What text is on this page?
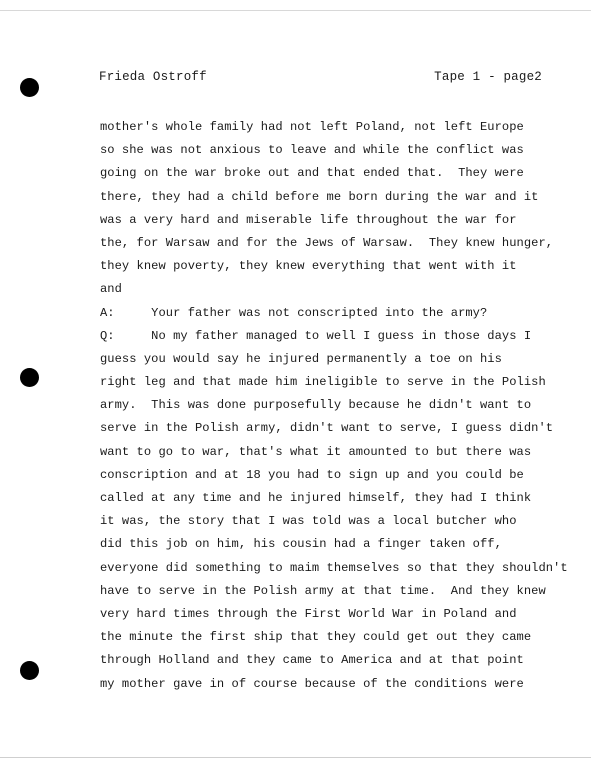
Frieda Ostroff	Tape 1 - page2
mother's whole family had not left Poland, not left Europe
so she was not anxious to leave and while the conflict was
going on the war broke out and that ended that.  They were
there, they had a child before me born during the war and it
was a very hard and miserable life throughout the war for
the, for Warsaw and for the Jews of Warsaw.  They knew hunger,
they knew poverty, they knew everything that went with it
and
A:     Your father was not conscripted into the army?
Q:     No my father managed to well I guess in those days I
guess you would say he injured permanently a toe on his
right leg and that made him ineligible to serve in the Polish
army.  This was done purposefully because he didn't want to
serve in the Polish army, didn't want to serve, I guess didn't
want to go to war, that's what it amounted to but there was
conscription and at 18 you had to sign up and you could be
called at any time and he injured himself, they had I think
it was, the story that I was told was a local butcher who
did this job on him, his cousin had a finger taken off,
everyone did something to maim themselves so that they shouldn't
have to serve in the Polish army at that time.  And they knew
very hard times through the First World War in Poland and
the minute the first ship that they could get out they came
through Holland and they came to America and at that point
my mother gave in of course because of the conditions were
